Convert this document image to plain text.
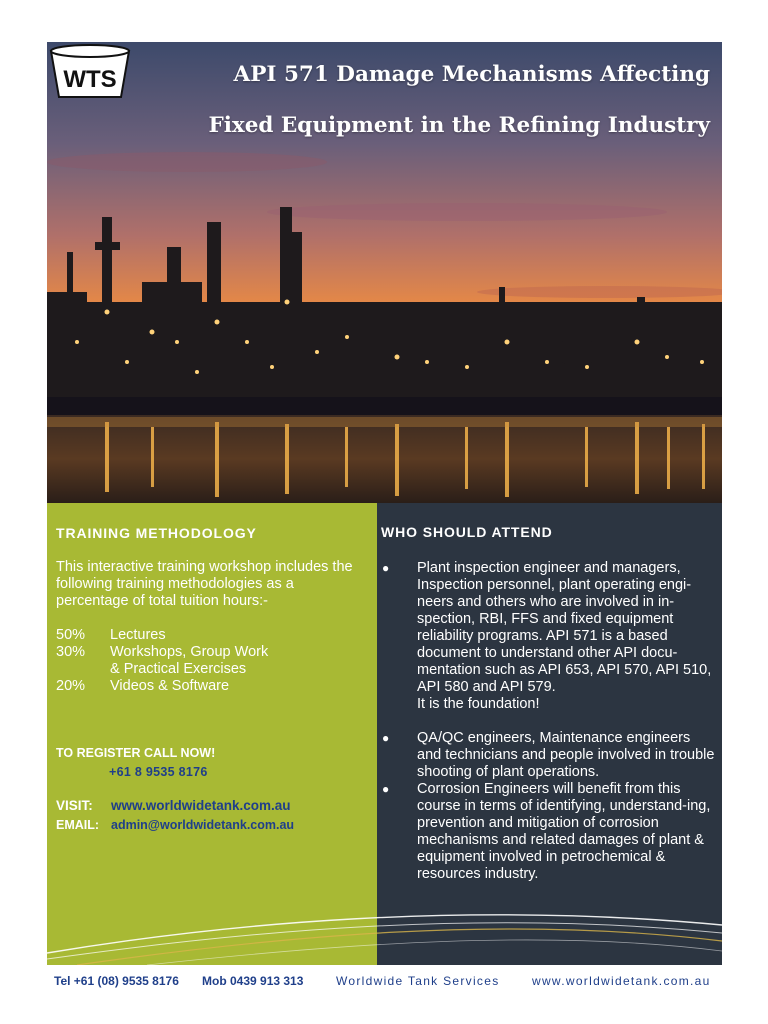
WTS	API 571 Damage Mechanisms Affecting
Fixed Equipment in the Refining Industry
TRAINING METHODOLOGY
This interactive training workshop includes the following training methodologies as a percentage of total tuition hours:-
50%	Lectures
30%	Workshops, Group Work
& Practical Exercises
20%	Videos & Software
TO REGISTER CALL NOW!
+61 8 9535 8176
VISIT:	www.worldwidetank.com.au
EMAIL: admin@worldwidetank.com.au
WHO SHOULD ATTEND
● Plant inspection engineer and managers, Inspection personnel, plant operating engi-neers and others who are involved in in-spection, RBI, FFS and fixed equipment reliability programs. API 571 is a based document to understand other API docu-mentation such as API 653, API 570, API 510, API 580 and API 579.
It is the foundation!
● QA/QC engineers, Maintenance engineers and technicians and people involved in trouble shooting of plant operations.
● Corrosion Engineers will benefit from this course in terms of identifying, understand-ing, prevention and mitigation of corrosion mechanisms and related damages of plant & equipment involved in petrochemical & resources industry.
Tel +61 (08) 9535 8176 Mob 0439 913 313	Worldwide Tank Services	www.worldwidetank.com.au
